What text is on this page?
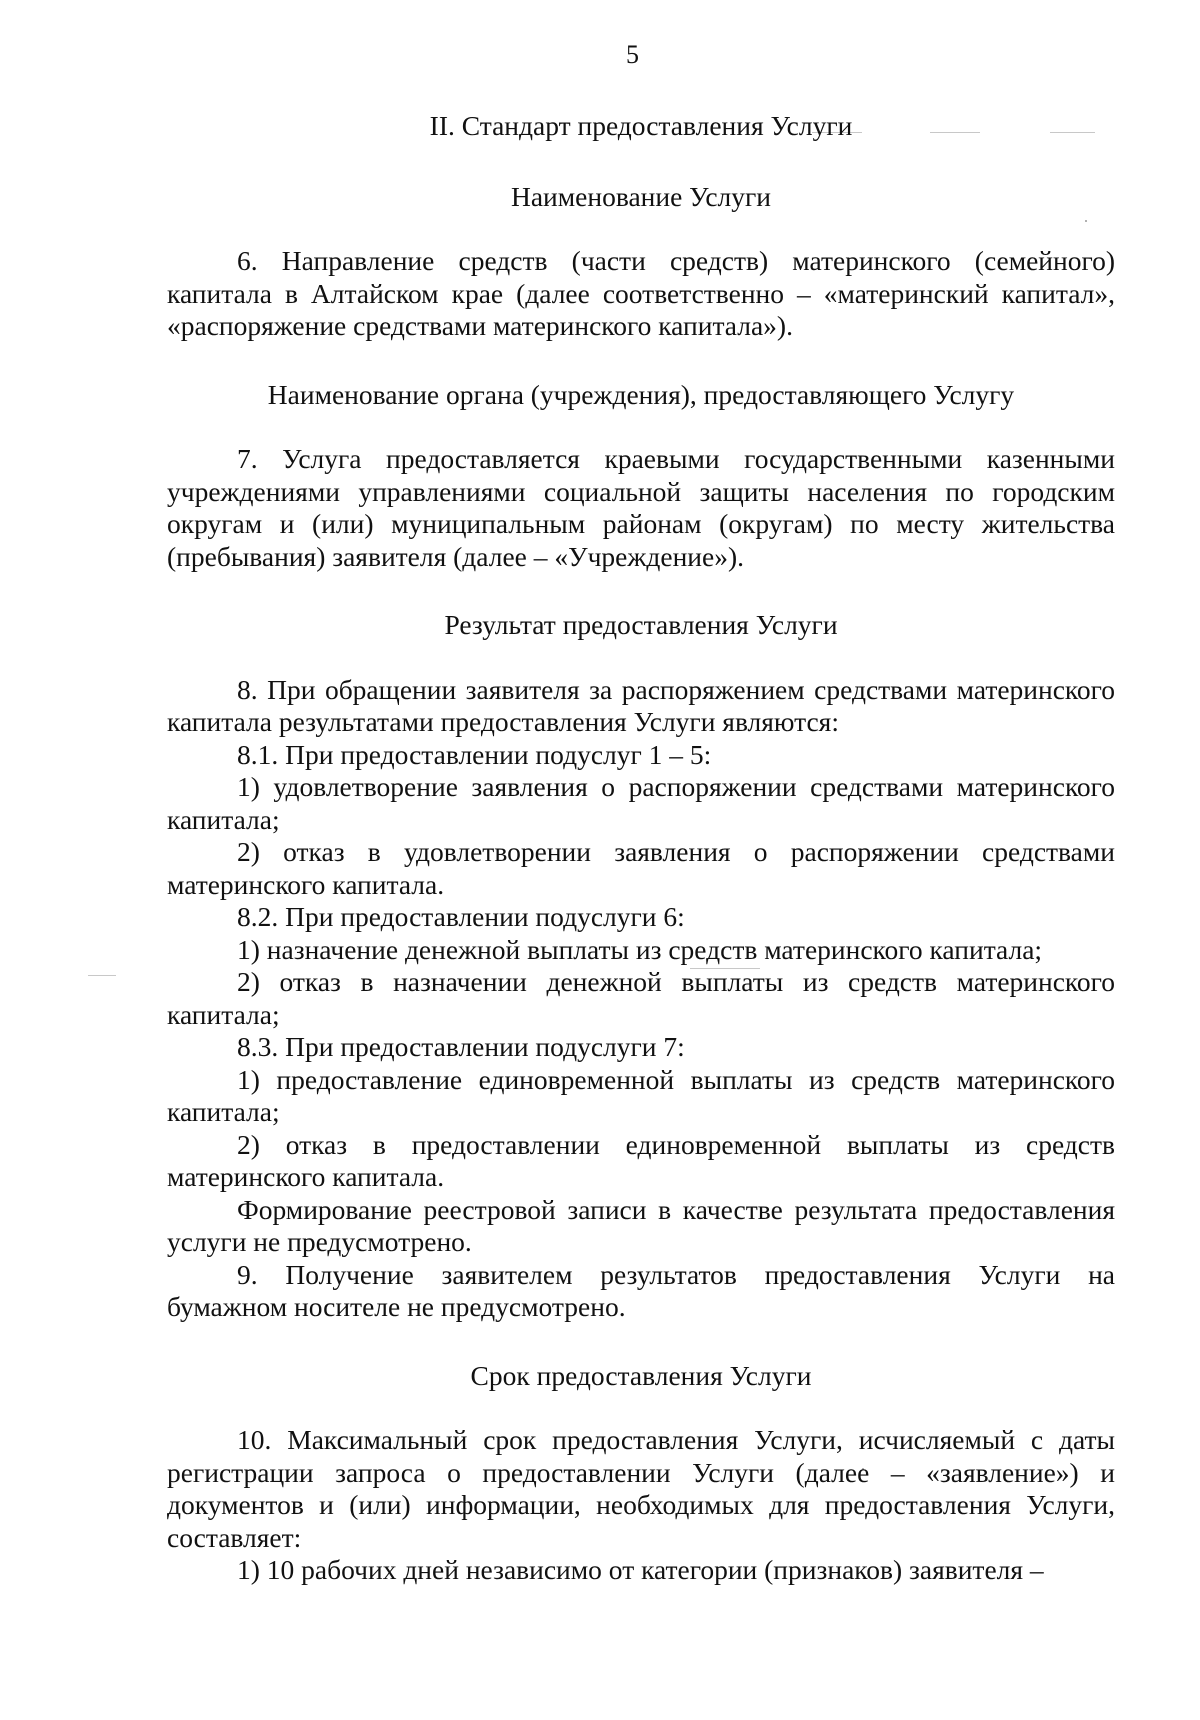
5

II. Стандарт предоставления Услуги

Наименование Услуги

6. Направление средств (части средств) материнского (семейного) капитала в Алтайском крае (далее соответственно – «материнский капитал», «распоряжение средствами материнского капитала»).

Наименование органа (учреждения), предоставляющего Услугу

7. Услуга предоставляется краевыми государственными казенными учреждениями управлениями социальной защиты населения по городским округам и (или) муниципальным районам (округам) по месту жительства (пребывания) заявителя (далее – «Учреждение»).

Результат предоставления Услуги

8. При обращении заявителя за распоряжением средствами материнского капитала результатами предоставления Услуги являются:

8.1. При предоставлении подуслуг 1 – 5:

1) удовлетворение заявления о распоряжении средствами материнского капитала;

2) отказ в удовлетворении заявления о распоряжении средствами материнского капитала.

8.2. При предоставлении подуслуги 6:

1) назначение денежной выплаты из средств материнского капитала;

2) отказ в назначении денежной выплаты из средств материнского капитала;

8.3. При предоставлении подуслуги 7:

1) предоставление единовременной выплаты из средств материнского капитала;

2) отказ в предоставлении единовременной выплаты из средств материнского капитала.

Формирование реестровой записи в качестве результата предоставления услуги не предусмотрено.

9. Получение заявителем результатов предоставления Услуги на бумажном носителе не предусмотрено.

Срок предоставления Услуги

10. Максимальный срок предоставления Услуги, исчисляемый с даты регистрации запроса о предоставлении Услуги (далее – «заявление») и документов и (или) информации, необходимых для предоставления Услуги, составляет:

1) 10 рабочих дней независимо от категории (признаков) заявителя –
